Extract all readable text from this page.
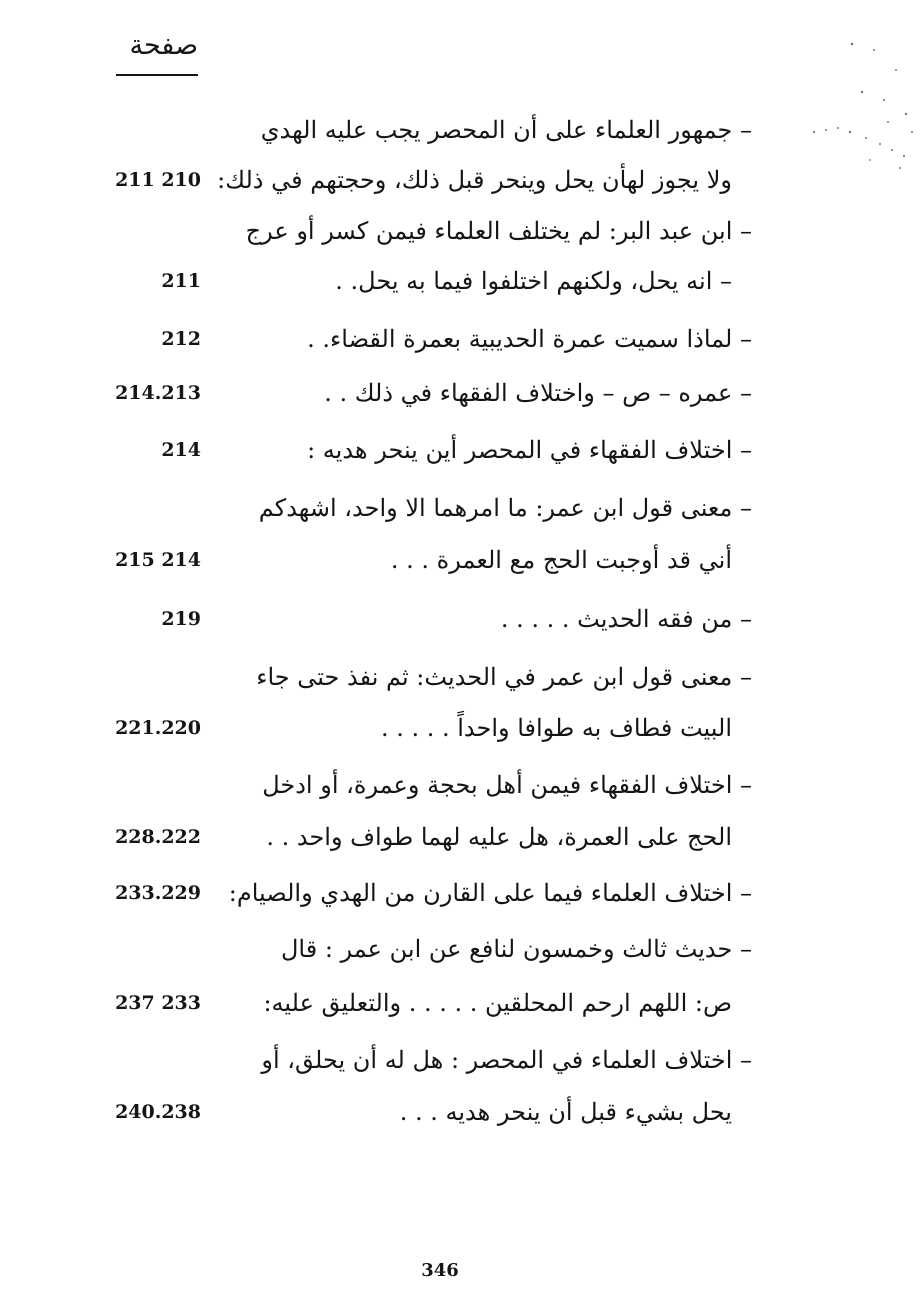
صفحة
– جمهور العلماء على أن المحصر يجب عليه الهدي
ولا يجوز لهأن يحل وينحر قبل ذلك، وحجتهم في ذلك:
211 210
– ابن عبد البر: لم يختلف العلماء فيمن كسر أو عرج
– انه يحل، ولكنهم اختلفوا فيما به يحل. .
211
– لماذا سميت عمرة الحديبية بعمرة القضاء. .
212
– عمره – ص – واختلاف الفقهاء في ذلك . .
214.213
– اختلاف الفقهاء في المحصر أين ينحر هديه :
214
– معنى قول ابن عمر: ما امرهما الا واحد، اشهدكم
أني قد أوجبت الحج مع العمرة . . .
215 214
– من فقه الحديث . . . . .
219
– معنى قول ابن عمر في الحديث: ثم نفذ حتى جاء
البيت فطاف به طوافا واحداً . . . . .
221.220
– اختلاف الفقهاء فيمن أهل بحجة وعمرة، أو ادخل
الحج على العمرة، هل عليه لهما طواف واحد . .
228.222
– اختلاف العلماء فيما على القارن من الهدي والصيام:
233.229
– حديث ثالث وخمسون لنافع عن ابن عمر : قال
ص: اللهم ارحم المحلقين . . . . . والتعليق عليه:
237 233
– اختلاف العلماء في المحصر : هل له أن يحلق، أو
يحل بشيء قبل أن ينحر هديه . . .
240.238
346
